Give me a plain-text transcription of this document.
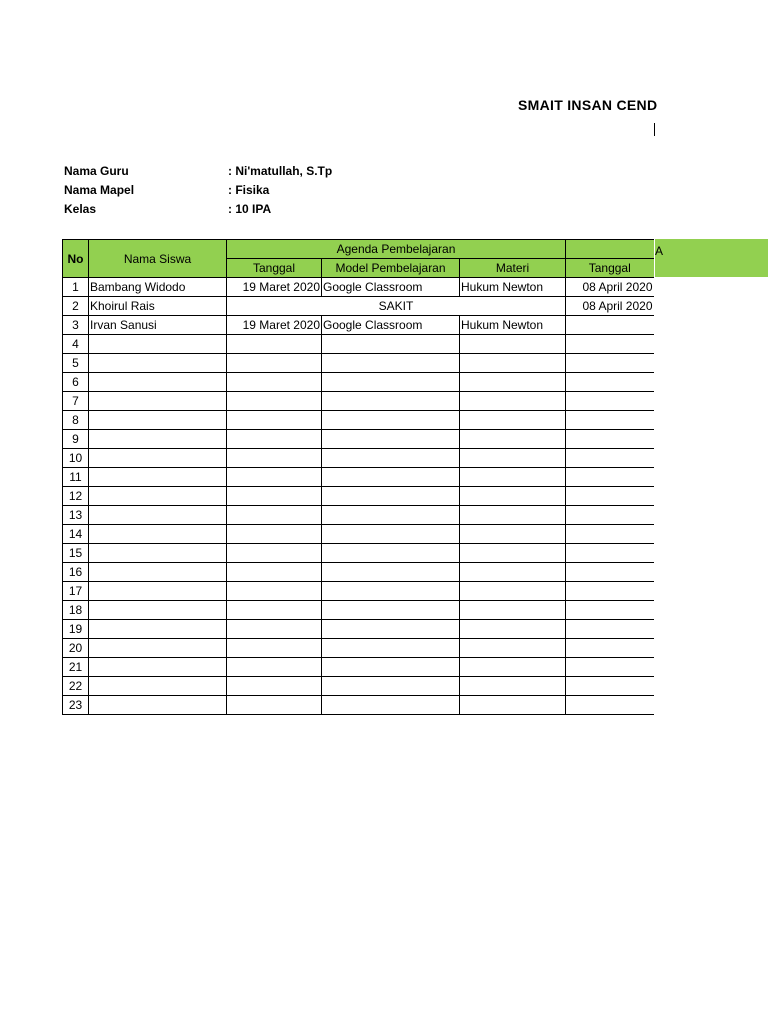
SMAIT INSAN CEND
Nama Guru	: Ni'matullah, S.Tp
Nama Mapel	: Fisika
Kelas	: 10 IPA
A
No	Nama Siswa	Agenda Pembelajaran			
		Tanggal	Model Pembelajaran	Materi	Tanggal
1	Bambang Widodo	19 Maret 2020	Google Classroom	Hukum Newton	08 April 2020
2	Khoirul Rais	SAKIT			08 April 2020
3	Irvan Sanusi	19 Maret 2020	Google Classroom	Hukum Newton	
4					
5					
6					
7					
8					
9					
10					
11					
12					
13					
14					
15					
16					
17					
18					
19					
20					
21					
22					
23					
